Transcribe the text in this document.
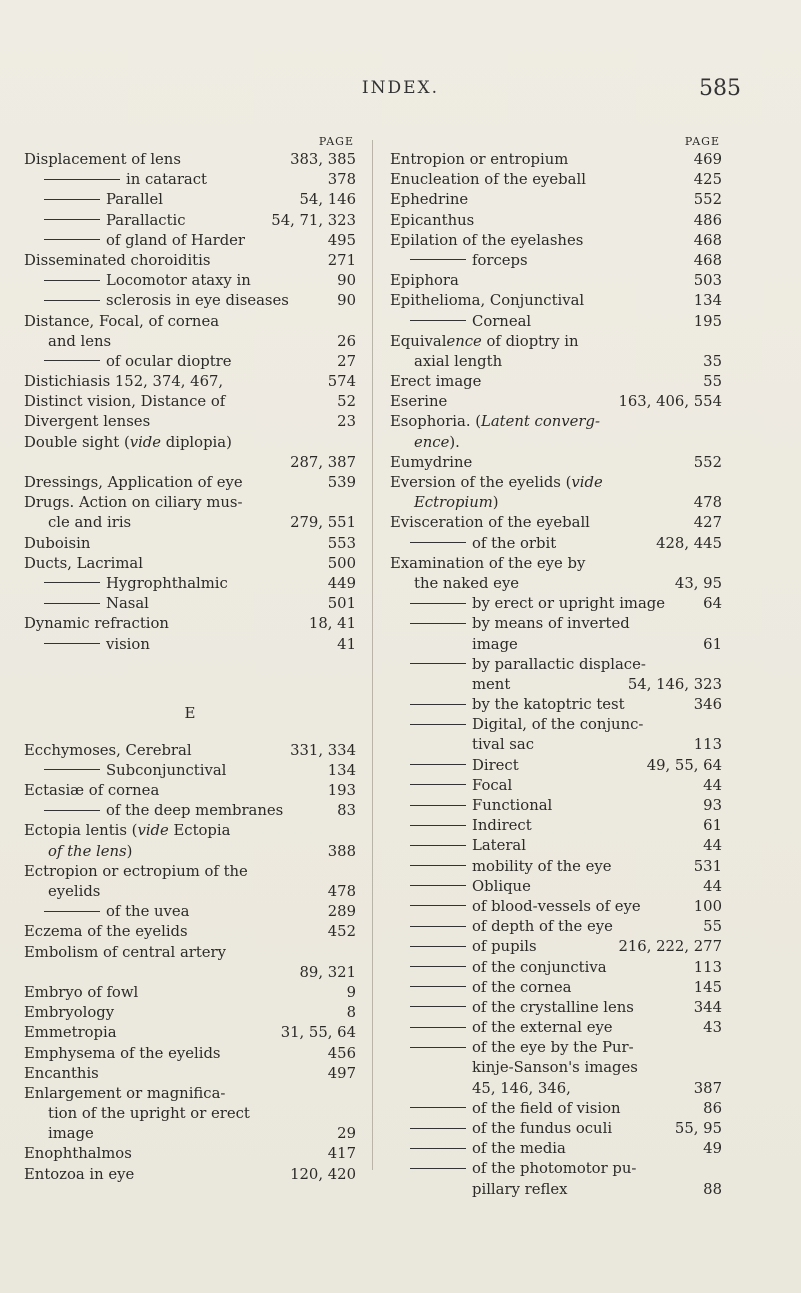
INDEX.	585
PAGE
Displacement of lens	383, 385
in cataract	378
Parallel	54, 146
Parallactic	54, 71, 323
of gland of Harder	495
Disseminated choroiditis	271
Locomotor ataxy in	90
sclerosis in eye diseases	90
Distance, Focal, of cornea
and lens	26
of ocular dioptre	27
Distichiasis 152, 374, 467,	574
Distinct vision, Distance of	52
Divergent lenses	23
Double sight (vide diplopia)
287, 387
Dressings, Application of eye	539
Drugs. Action on ciliary mus-
cle and iris	279, 551
Duboisin	553
Ducts, Lacrimal	500
Hygrophthalmic	449
Nasal	501
Dynamic refraction	18, 41
vision	41
E
Ecchymoses, Cerebral	331, 334
Subconjunctival	134
Ectasiæ of cornea	193
of the deep membranes	83
Ectopia lentis (vide Ectopia
of the lens)	388
Ectropion or ectropium of the
eyelids	478
of the uvea	289
Eczema of the eyelids	452
Embolism of central artery
89, 321
Embryo of fowl	9
Embryology	8
Emmetropia	31, 55, 64
Emphysema of the eyelids	456
Encanthis	497
Enlargement or magnifica-
tion of the upright or erect
image	29
Enophthalmos	417
Entozoa in eye	120, 420
PAGE
Entropion or entropium	469
Enucleation of the eyeball	425
Ephedrine	552
Epicanthus	486
Epilation of the eyelashes	468
forceps	468
Epiphora	503
Epithelioma, Conjunctival	134
Corneal	195
Equivalence of dioptry in
axial length	35
Erect image	55
Eserine	163, 406, 554
Esophoria. (Latent converg-
ence).
Eumydrine	552
Eversion of the eyelids (vide
Ectropium)	478
Evisceration of the eyeball	427
of the orbit	428, 445
Examination of the eye by
the naked eye	43, 95
by erect or upright image	64
by means of inverted
image	61
by parallactic displace-
ment	54, 146, 323
by the katoptric test	346
Digital, of the conjunc-
tival sac	113
Direct	49, 55, 64
Focal	44
Functional	93
Indirect	61
Lateral	44
mobility of the eye	531
Oblique	44
of blood-vessels of eye	100
of depth of the eye	55
of pupils	216, 222, 277
of the conjunctiva	113
of the cornea	145
of the crystalline lens	344
of the external eye	43
of the eye by the Pur-
kinje-Sanson's images
45, 146, 346,	387
of the field of vision	86
of the fundus oculi	55, 95
of the media	49
of the photomotor pu-
pillary reflex	88
